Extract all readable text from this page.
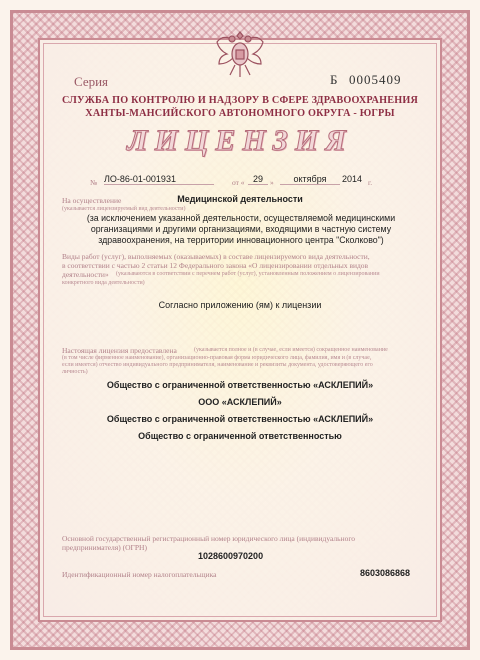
Серия	Б 0005409
СЛУЖБА ПО КОНТРОЛЮ И НАДЗОРУ В СФЕРЕ ЗДРАВООХРАНЕНИЯ
ХАНТЫ-МАНСИЙСКОГО АВТОНОМНОГО ОКРУГА - ЮГРЫ
ЛИЦЕНЗИЯ
№ ЛО-86-01-001931	от « 29 »	октября	2014 г.
На осуществление	Медицинской деятельности
(указывается лицензируемый вид деятельности)
(за исключением указанной деятельности, осуществляемой медицинскими организациями и другими организациями, входящими в частную систему здравоохранения, на территории инновационного центра "Сколково")
Виды работ (услуг), выполняемых (оказываемых) в составе лицензируемого вида деятельности,
в соответствии с частью 2 статьи 12 Федерального закона «О лицензировании отдельных видов
деятельности» (указываются в соответствии с перечнем работ (услуг), установленным положением о лицензировании
конкретного вида деятельности)
Согласно приложению (ям) к лицензии
Настоящая лицензия предоставлена	(указывается полное и (в случае, если имеется) сокращенное наименование
(в том числе фирменное наименование), организационно-правовая форма юридического лица, фамилия, имя и (в случае,
если имеется) отчество индивидуального предпринимателя, наименование и реквизиты документа, удостоверяющего его
личность)
Общество с ограниченной ответственностью «АСКЛЕПИЙ»
ООО «АСКЛЕПИЙ»
Общество с ограниченной ответственностью «АСКЛЕПИЙ»
Общество с ограниченной ответственностью
Основной государственный регистрационный номер юридического лица (индивидуального
предпринимателя) (ОГРН)
1028600970200
Идентификационный номер налогоплательщика	8603086868
